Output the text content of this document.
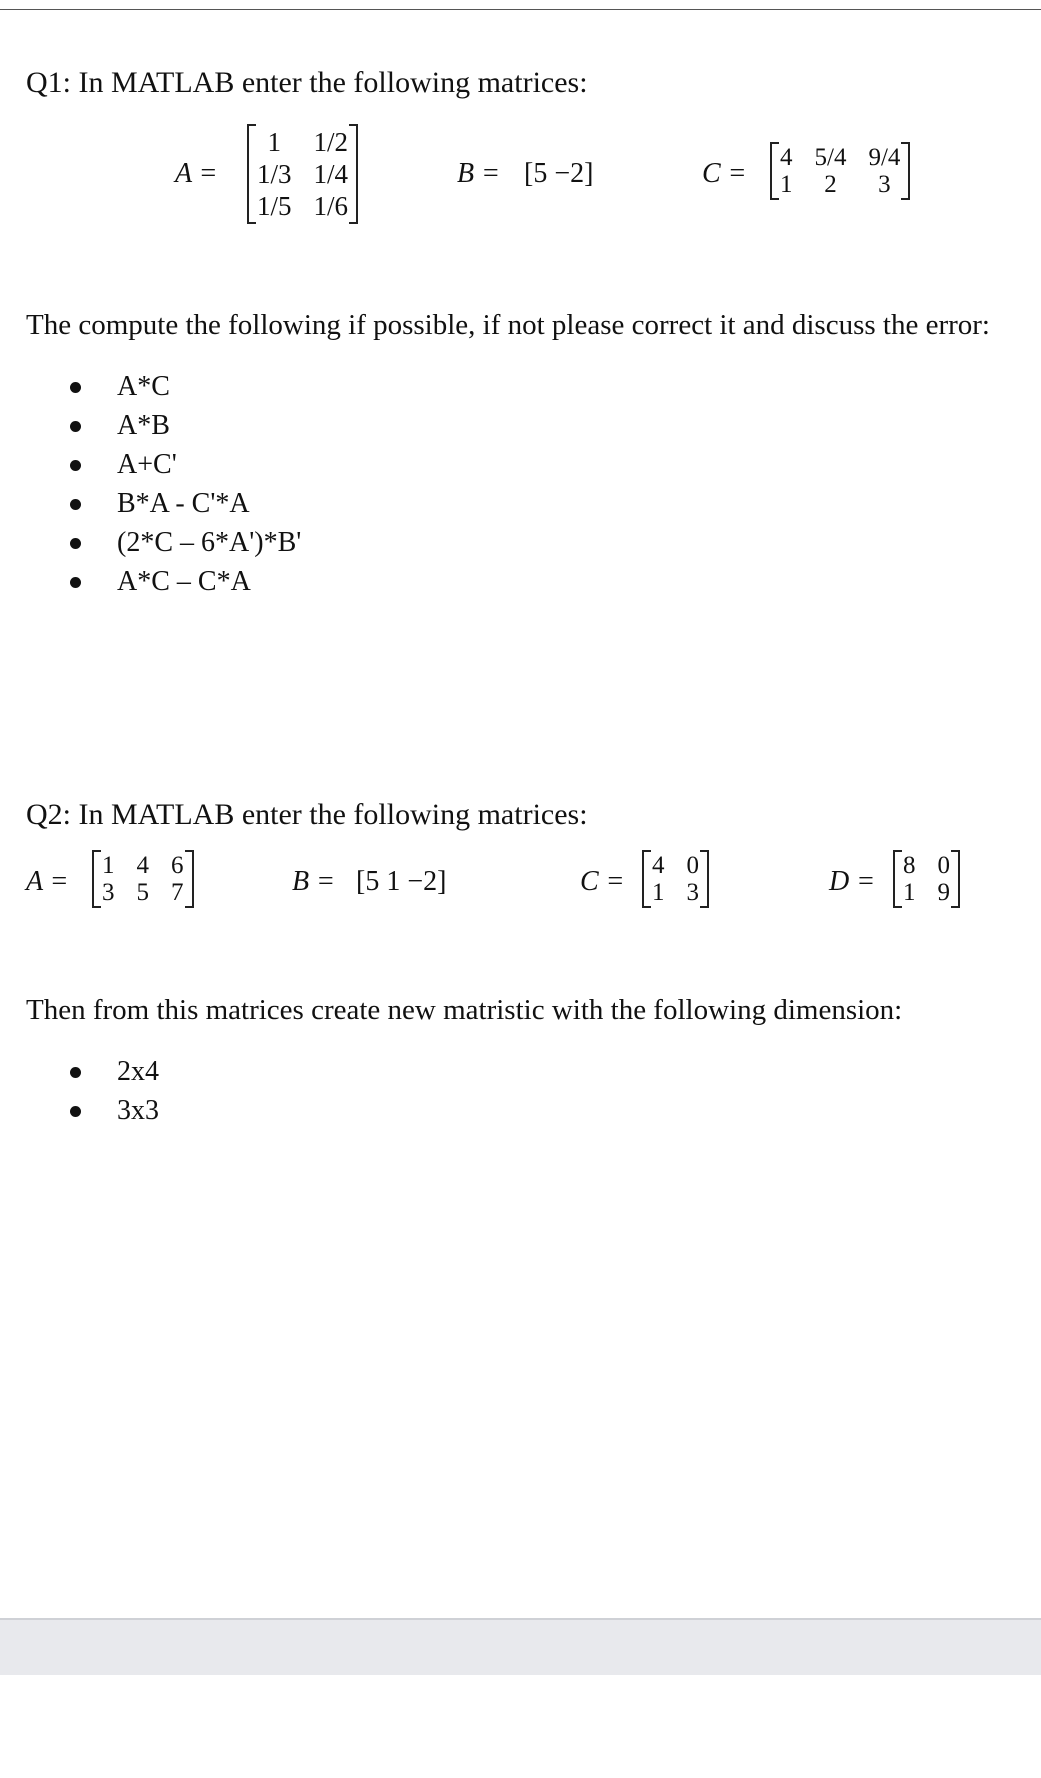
Q1: In MATLAB enter the following matrices:
A =
1	1/2
1/3 1/4
1/5 1/6
B = [5 −2]	C =
4 5/4 9/4
1	2	3
The compute the following if possible, if not please correct it and discuss the error:
A*C
A*B
A+C'
B*A - C'*A
(2*C – 6*A')*B'
A*C – C*A
Q2: In MATLAB enter the following matrices:
A =
1 4 6
3 5 7	B = [5 1 −2]	C =
4 0
1 3	D =
8 0
1 9
Then from this matrices create new matristic with the following dimension:
2x4
3x3
